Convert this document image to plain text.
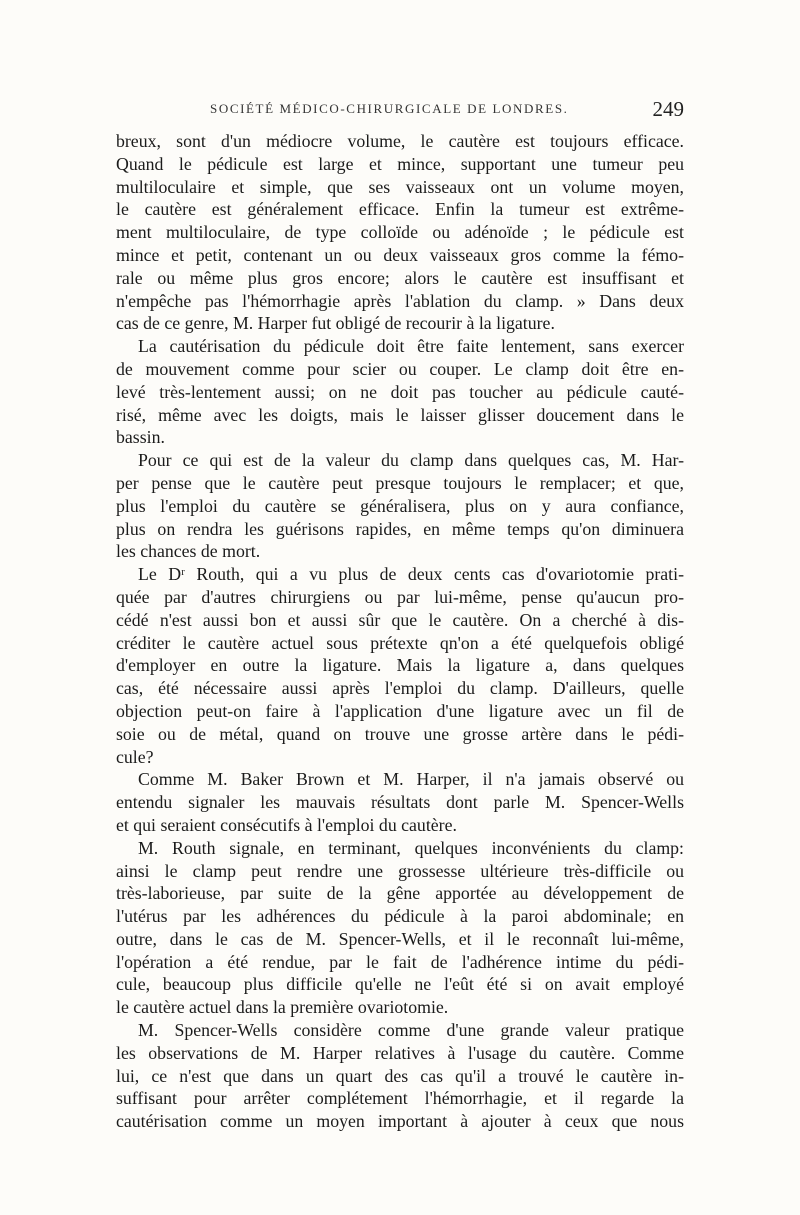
SOCIÉTÉ MÉDICO-CHIRURGICALE DE LONDRES.	249
breux, sont d'un médiocre volume, le cautère est toujours efficace.
Quand le pédicule est large et mince, supportant une tumeur peu
multiloculaire et simple, que ses vaisseaux ont un volume moyen,
le cautère est généralement efficace. Enfin la tumeur est extrême-
ment multiloculaire, de type colloïde ou adénoïde ; le pédicule est
mince et petit, contenant un ou deux vaisseaux gros comme la fémo-
rale ou même plus gros encore; alors le cautère est insuffisant et
n'empêche pas l'hémorrhagie après l'ablation du clamp. » Dans deux
cas de ce genre, M. Harper fut obligé de recourir à la ligature.
La cautérisation du pédicule doit être faite lentement, sans exercer
de mouvement comme pour scier ou couper. Le clamp doit être en-
levé très-lentement aussi; on ne doit pas toucher au pédicule cauté-
risé, même avec les doigts, mais le laisser glisser doucement dans le
bassin.
Pour ce qui est de la valeur du clamp dans quelques cas, M. Har-
per pense que le cautère peut presque toujours le remplacer; et que,
plus l'emploi du cautère se généralisera, plus on y aura confiance,
plus on rendra les guérisons rapides, en même temps qu'on diminuera
les chances de mort.
Le Dʳ Routh, qui a vu plus de deux cents cas d'ovariotomie prati-
quée par d'autres chirurgiens ou par lui-même, pense qu'aucun pro-
cédé n'est aussi bon et aussi sûr que le cautère. On a cherché à dis-
créditer le cautère actuel sous prétexte qn'on a été quelquefois obligé
d'employer en outre la ligature. Mais la ligature a, dans quelques
cas, été nécessaire aussi après l'emploi du clamp. D'ailleurs, quelle
objection peut-on faire à l'application d'une ligature avec un fil de
soie ou de métal, quand on trouve une grosse artère dans le pédi-
cule?
Comme M. Baker Brown et M. Harper, il n'a jamais observé ou
entendu signaler les mauvais résultats dont parle M. Spencer-Wells
et qui seraient consécutifs à l'emploi du cautère.
M. Routh signale, en terminant, quelques inconvénients du clamp:
ainsi le clamp peut rendre une grossesse ultérieure très-difficile ou
très-laborieuse, par suite de la gêne apportée au développement de
l'utérus par les adhérences du pédicule à la paroi abdominale; en
outre, dans le cas de M. Spencer-Wells, et il le reconnaît lui-même,
l'opération a été rendue, par le fait de l'adhérence intime du pédi-
cule, beaucoup plus difficile qu'elle ne l'eût été si on avait employé
le cautère actuel dans la première ovariotomie.
M. Spencer-Wells considère comme d'une grande valeur pratique
les observations de M. Harper relatives à l'usage du cautère. Comme
lui, ce n'est que dans un quart des cas qu'il a trouvé le cautère in-
suffisant pour arrêter complétement l'hémorrhagie, et il regarde la
cautérisation comme un moyen important à ajouter à ceux que nous
